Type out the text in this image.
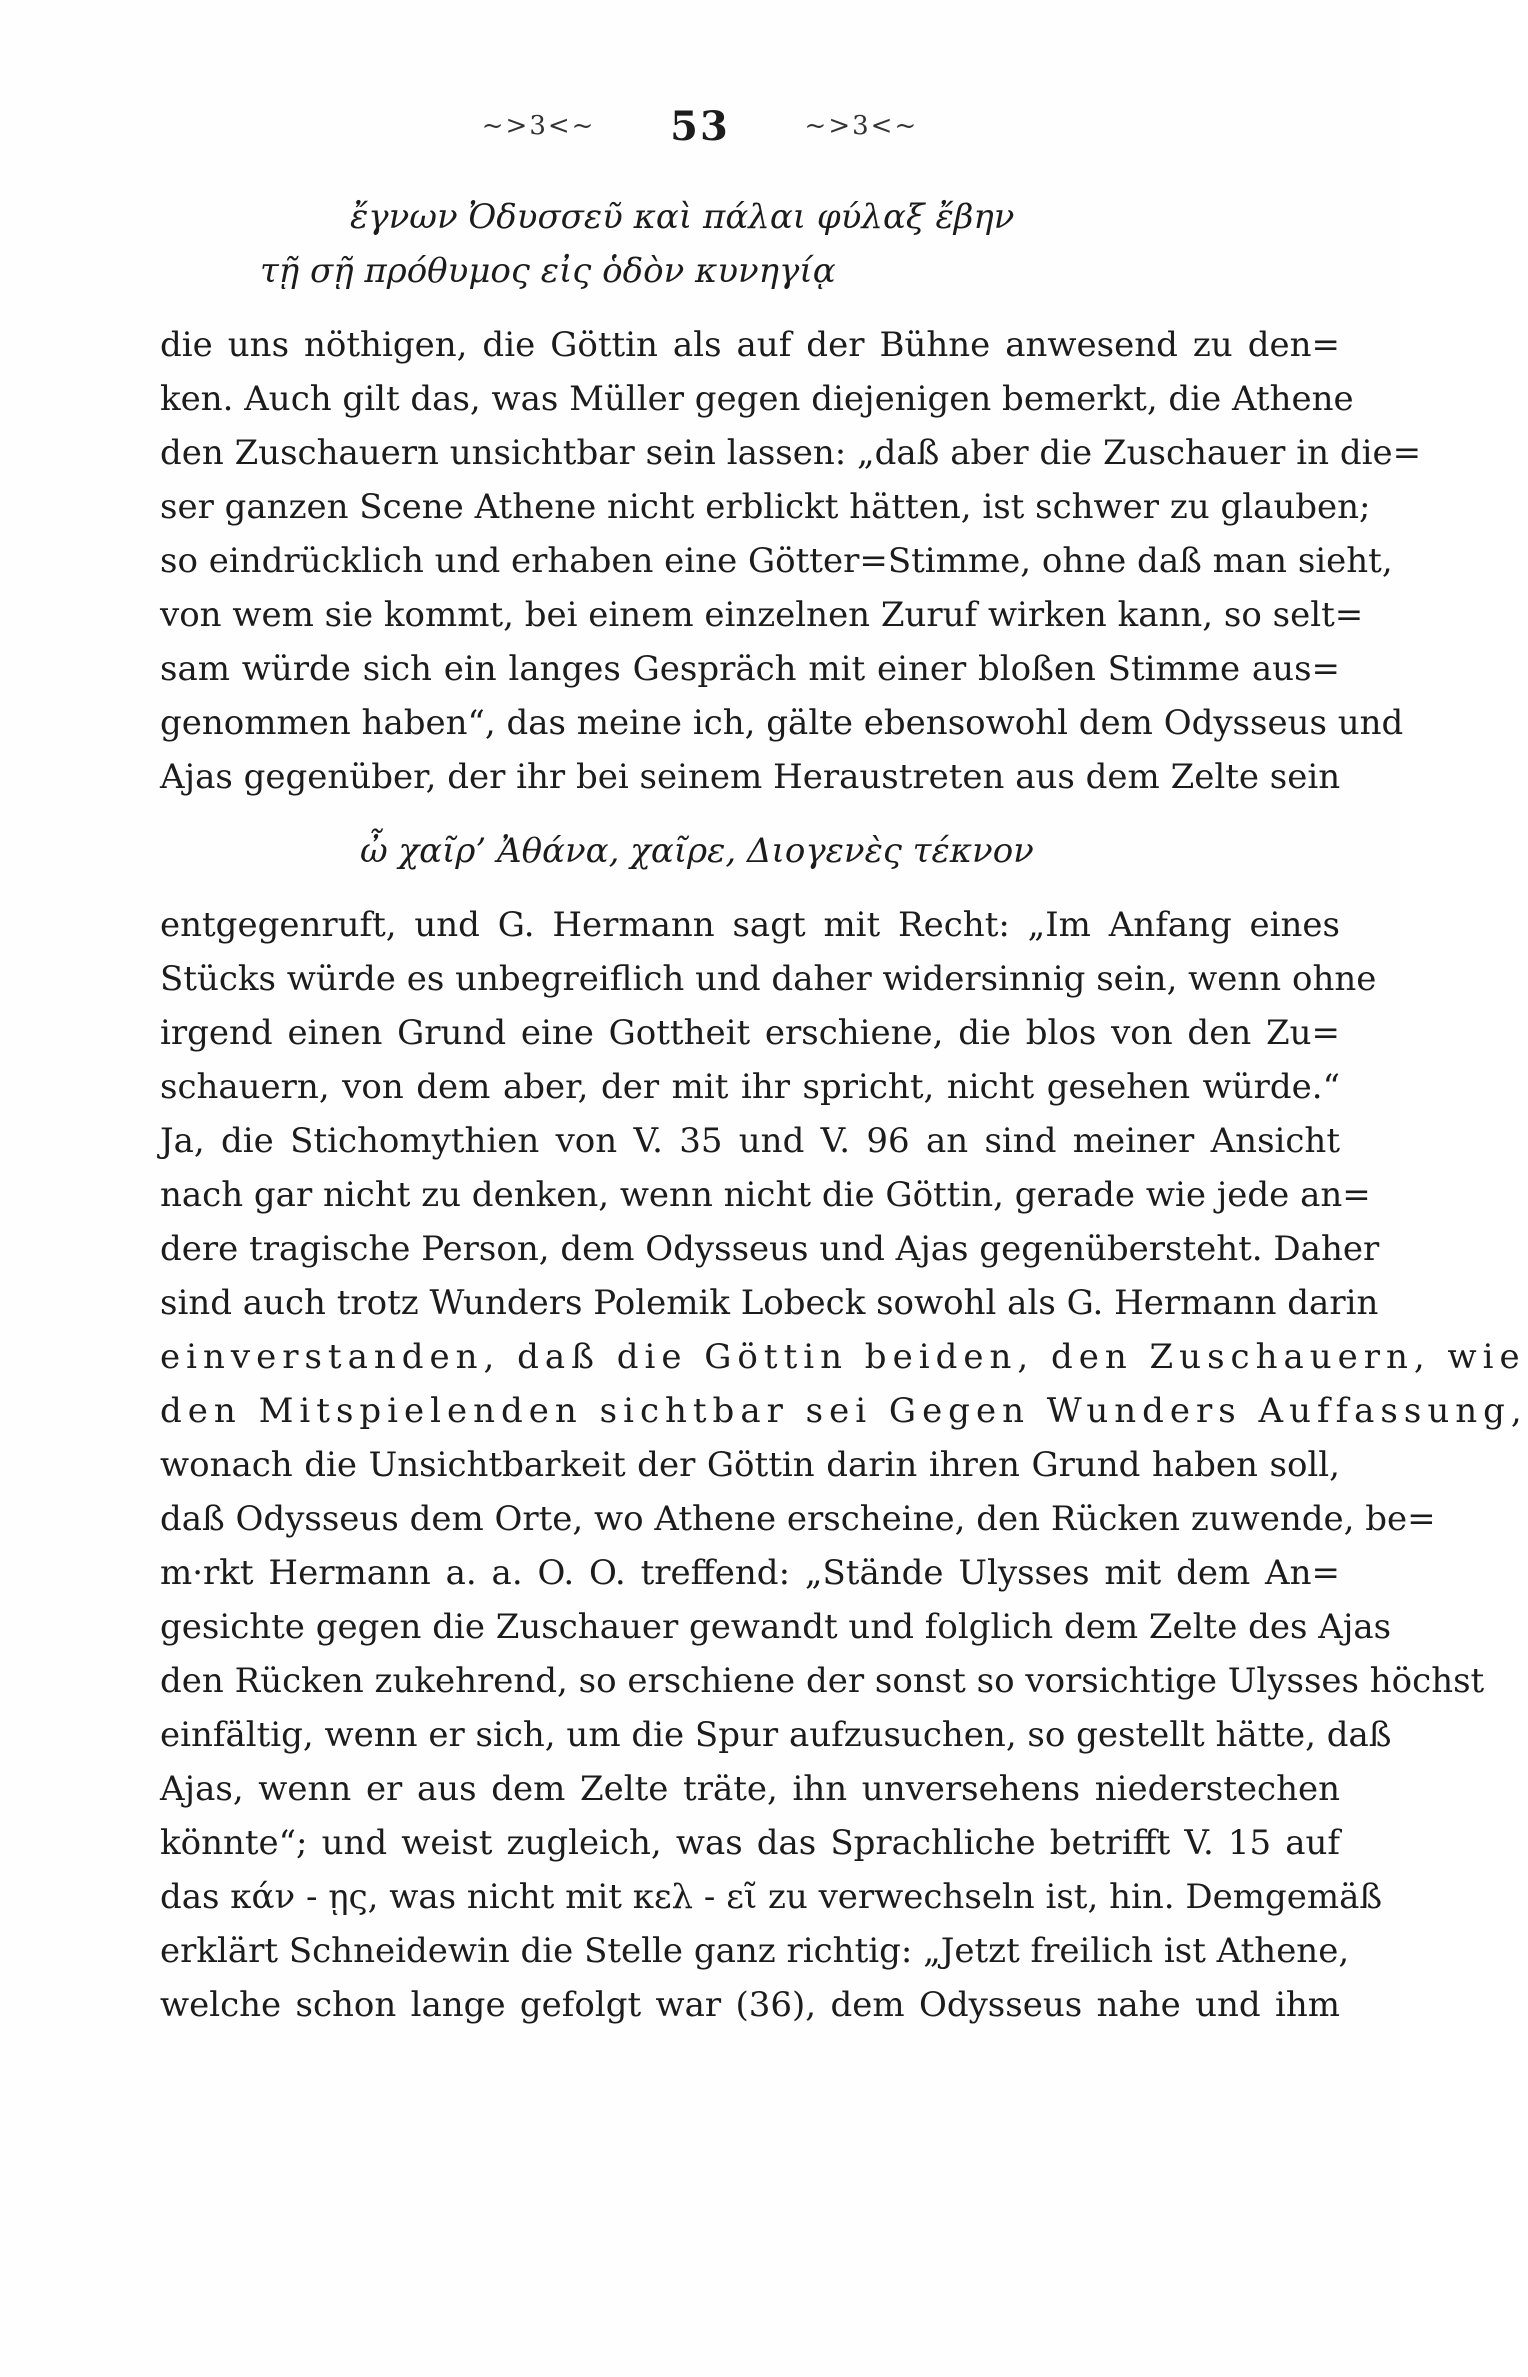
~>3<~ 53	~>3<~
ἔγνων Ὀδυσσεῦ καὶ πάλαι φύλαξ ἔβην
τῇ σῇ πρόθυμος εἰς ὁδὸν κυνηγίᾳ
die uns nöthigen, die Göttin als auf der Bühne anwesend zu den=
ken. Auch gilt das, was Müller gegen diejenigen bemerkt, die Athene
den Zuschauern unsichtbar sein lassen: „daß aber die Zuschauer in die=
ser ganzen Scene Athene nicht erblickt hätten, ist schwer zu glauben;
so eindrücklich und erhaben eine Götter=Stimme, ohne daß man sieht,
von wem sie kommt, bei einem einzelnen Zuruf wirken kann, so selt=
sam würde sich ein langes Gespräch mit einer bloßen Stimme aus=
genommen haben“, das meine ich, gälte ebensowohl dem Odysseus und
Ajas gegenüber, der ihr bei seinem Heraustreten aus dem Zelte sein
ὦ χαῖρ’ Ἀθάνα, χαῖρε, Διογενὲς τέκνον
entgegenruft, und G. Hermann sagt mit Recht: „Im Anfang eines
Stücks würde es unbegreiflich und daher widersinnig sein, wenn ohne
irgend einen Grund eine Gottheit erschiene, die blos von den Zu=
schauern, von dem aber, der mit ihr spricht, nicht gesehen würde.“
Ja, die Stichomythien von V. 35 und V. 96 an sind meiner Ansicht
nach gar nicht zu denken, wenn nicht die Göttin, gerade wie jede an=
dere tragische Person, dem Odysseus und Ajas gegenübersteht. Daher
sind auch trotz Wunders Polemik Lobeck sowohl als G. Hermann darin
einverstanden, daß die Göttin beiden, den Zuschauern, wie
den Mitspielenden sichtbar sei Gegen Wunders Auffassung,
wonach die Unsichtbarkeit der Göttin darin ihren Grund haben soll,
daß Odysseus dem Orte, wo Athene erscheine, den Rücken zuwende, be=
m·rkt Hermann a. a. O. O. treffend: „Stände Ulysses mit dem An=
gesichte gegen die Zuschauer gewandt und folglich dem Zelte des Ajas
den Rücken zukehrend, so erschiene der sonst so vorsichtige Ulysses höchst
einfältig, wenn er sich, um die Spur aufzusuchen, so gestellt hätte, daß
Ajas, wenn er aus dem Zelte träte, ihn unversehens niederstechen
könnte“; und weist zugleich, was das Sprachliche betrifft V. 15 auf
das κάν - ῃς, was nicht mit κελ - εῖ zu verwechseln ist, hin. Demgemäß
erklärt Schneidewin die Stelle ganz richtig: „Jetzt freilich ist Athene,
welche schon lange gefolgt war (36), dem Odysseus nahe und ihm
